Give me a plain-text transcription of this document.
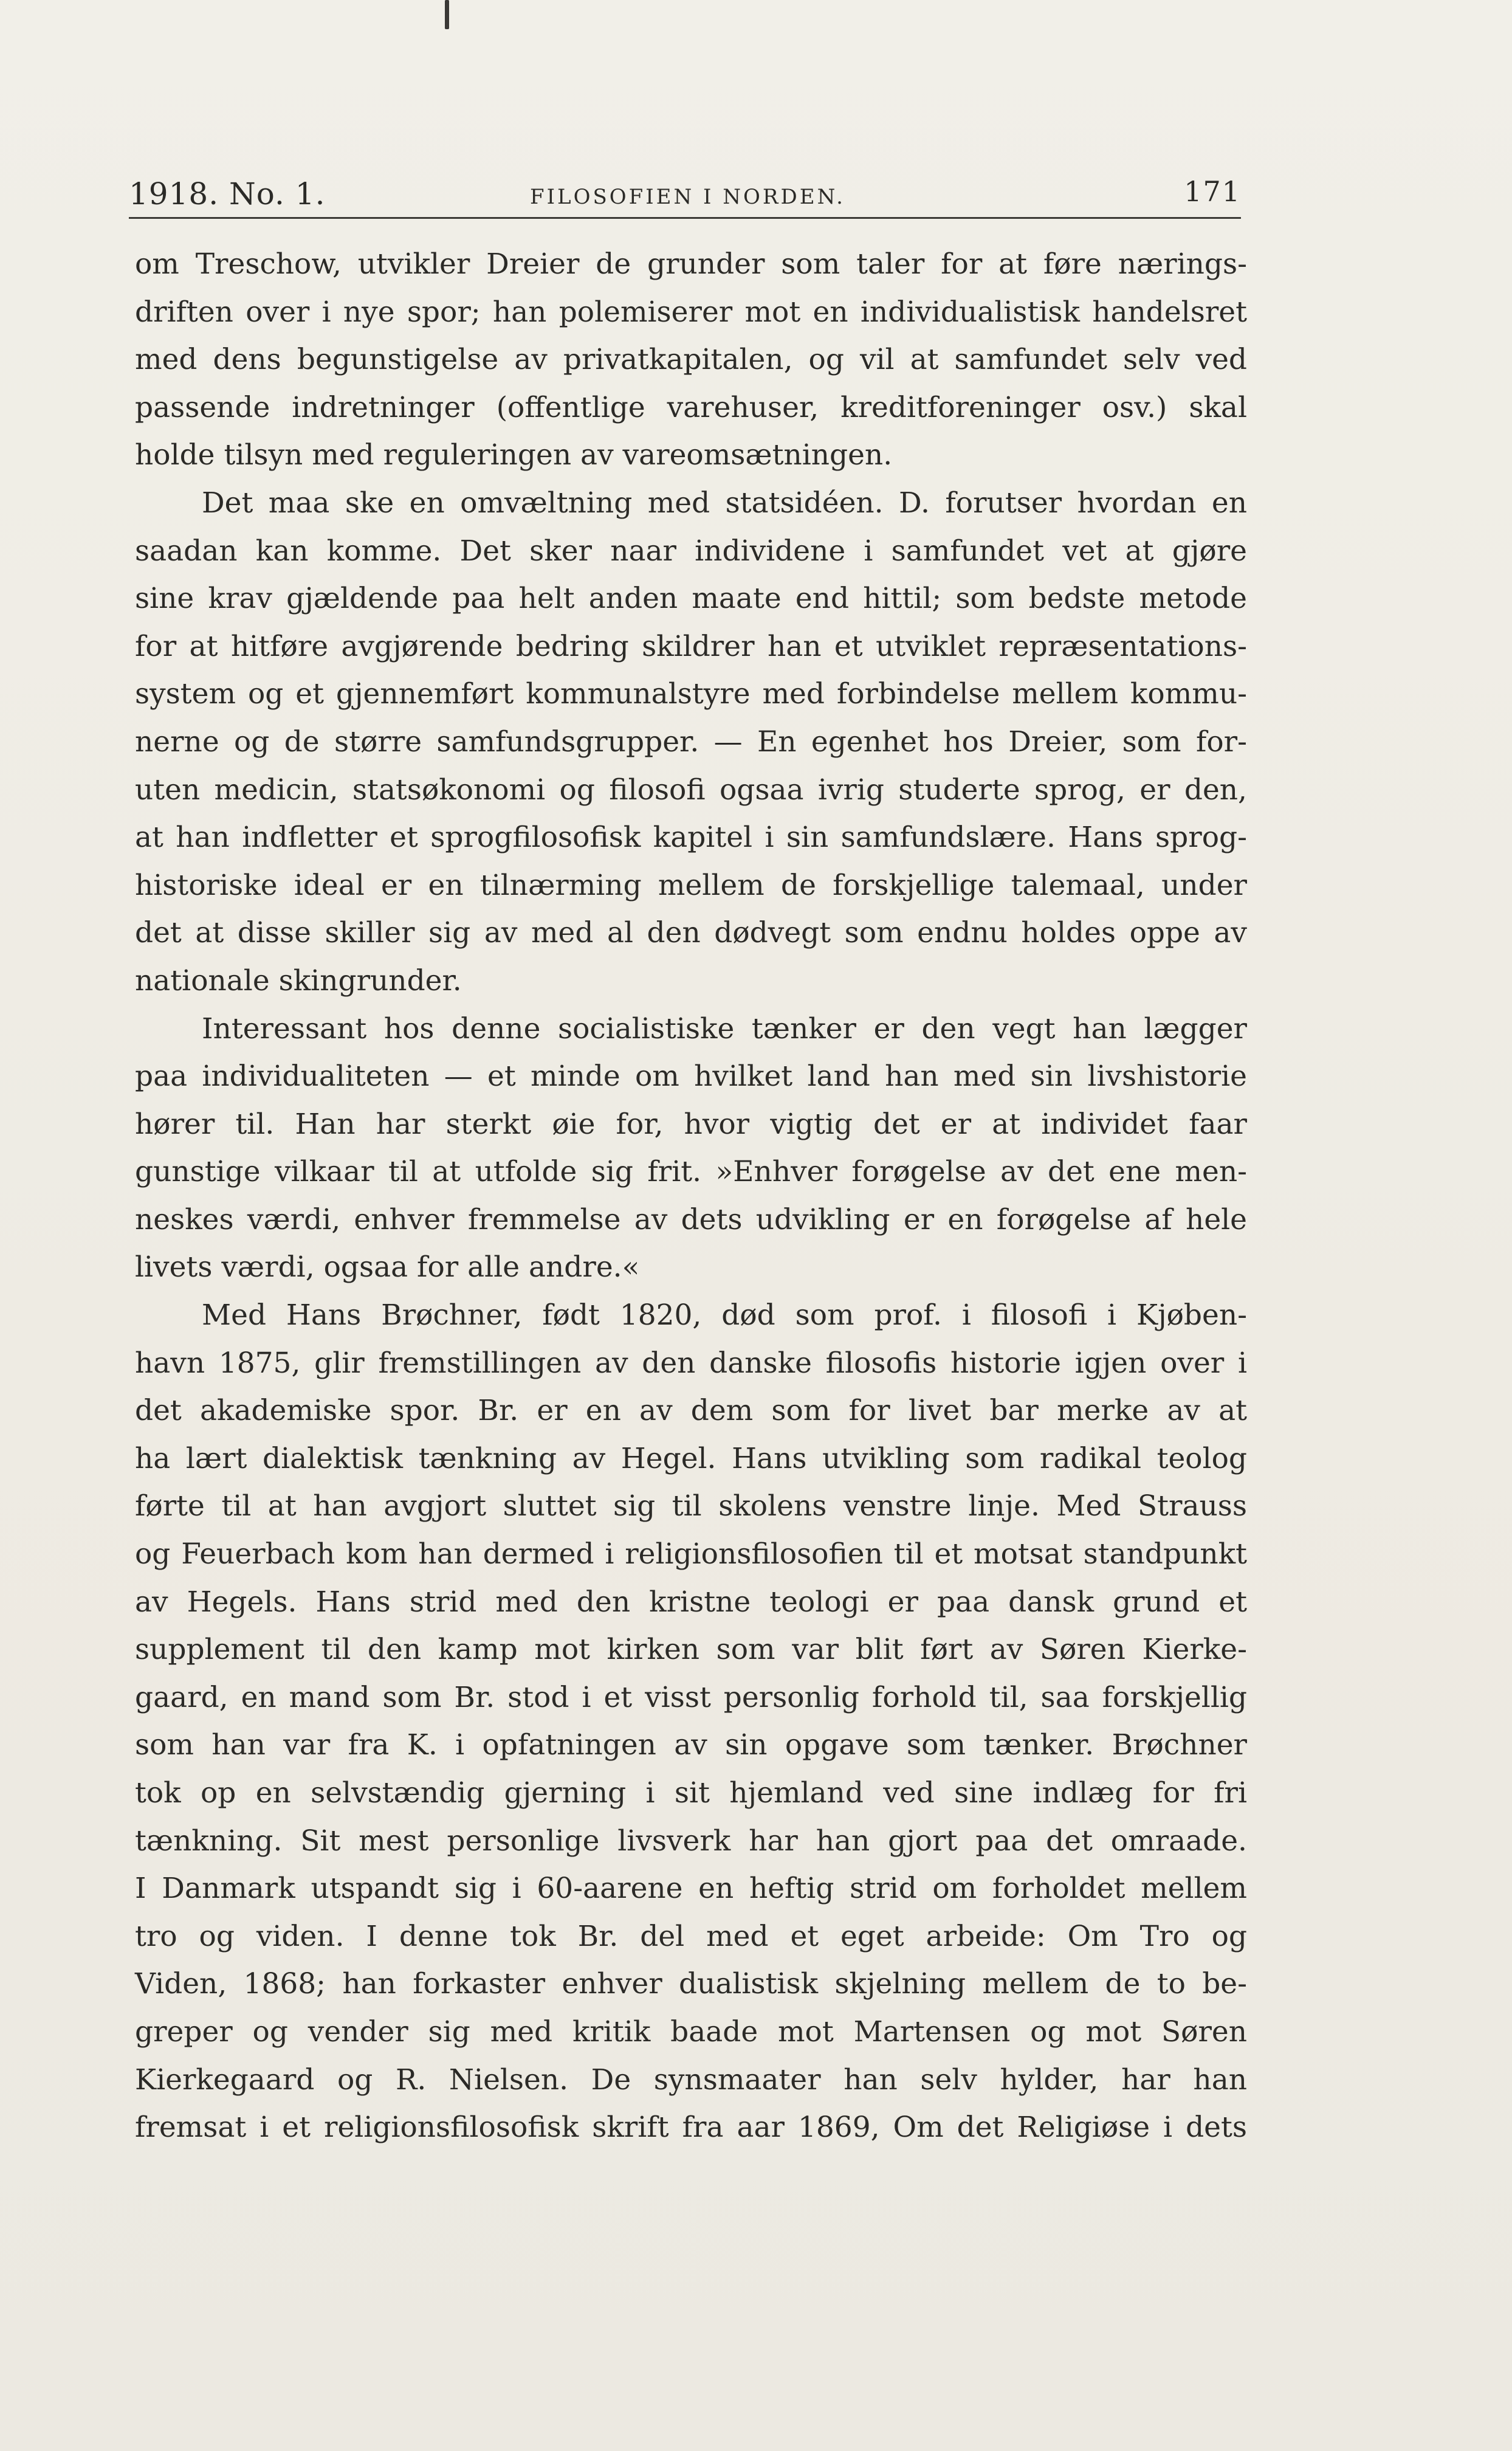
1918. No. 1.	FILOSOFIEN I NORDEN.	171
om Treschow, utvikler Dreier de grunder som taler for at føre nærings-
driften over i nye spor; han polemiserer mot en individualistisk handelsret
med dens begunstigelse av privatkapitalen, og vil at samfundet selv ved
passende indretninger (offentlige varehuser, kreditforeninger osv.) skal
holde tilsyn med reguleringen av vareomsætningen.
Det maa ske en omvæltning med statsidéen. D. forutser hvordan en
saadan kan komme. Det sker naar individene i samfundet vet at gjøre
sine krav gjældende paa helt anden maate end hittil; som bedste metode
for at hitføre avgjørende bedring skildrer han et utviklet repræsentations-
system og et gjennemført kommunalstyre med forbindelse mellem kommu-
nerne og de større samfundsgrupper. — En egenhet hos Dreier, som for-
uten medicin, statsøkonomi og filosofi ogsaa ivrig studerte sprog, er den,
at han indfletter et sprogfilosofisk kapitel i sin samfundslære. Hans sprog-
historiske ideal er en tilnærming mellem de forskjellige talemaal, under
det at disse skiller sig av med al den dødvegt som endnu holdes oppe av
nationale skingrunder.
Interessant hos denne socialistiske tænker er den vegt han lægger
paa individualiteten — et minde om hvilket land han med sin livshistorie
hører til. Han har sterkt øie for, hvor vigtig det er at individet faar
gunstige vilkaar til at utfolde sig frit. »Enhver forøgelse av det ene men-
neskes værdi, enhver fremmelse av dets udvikling er en forøgelse af hele
livets værdi, ogsaa for alle andre.«
Med Hans Brøchner, født 1820, død som prof. i filosofi i Kjøben-
havn 1875, glir fremstillingen av den danske filosofis historie igjen over i
det akademiske spor. Br. er en av dem som for livet bar merke av at
ha lært dialektisk tænkning av Hegel. Hans utvikling som radikal teolog
førte til at han avgjort sluttet sig til skolens venstre linje. Med Strauss
og Feuerbach kom han dermed i religionsfilosofien til et motsat standpunkt
av Hegels. Hans strid med den kristne teologi er paa dansk grund et
supplement til den kamp mot kirken som var blit ført av Søren Kierke-
gaard, en mand som Br. stod i et visst personlig forhold til, saa forskjellig
som han var fra K. i opfatningen av sin opgave som tænker. Brøchner
tok op en selvstændig gjerning i sit hjemland ved sine indlæg for fri
tænkning. Sit mest personlige livsverk har han gjort paa det omraade.
I Danmark utspandt sig i 60-aarene en heftig strid om forholdet mellem
tro og viden. I denne tok Br. del med et eget arbeide: Om Tro og
Viden, 1868; han forkaster enhver dualistisk skjelning mellem de to be-
greper og vender sig med kritik baade mot Martensen og mot Søren
Kierkegaard og R. Nielsen. De synsmaater han selv hylder, har han
fremsat i et religionsfilosofisk skrift fra aar 1869, Om det Religiøse i dets
